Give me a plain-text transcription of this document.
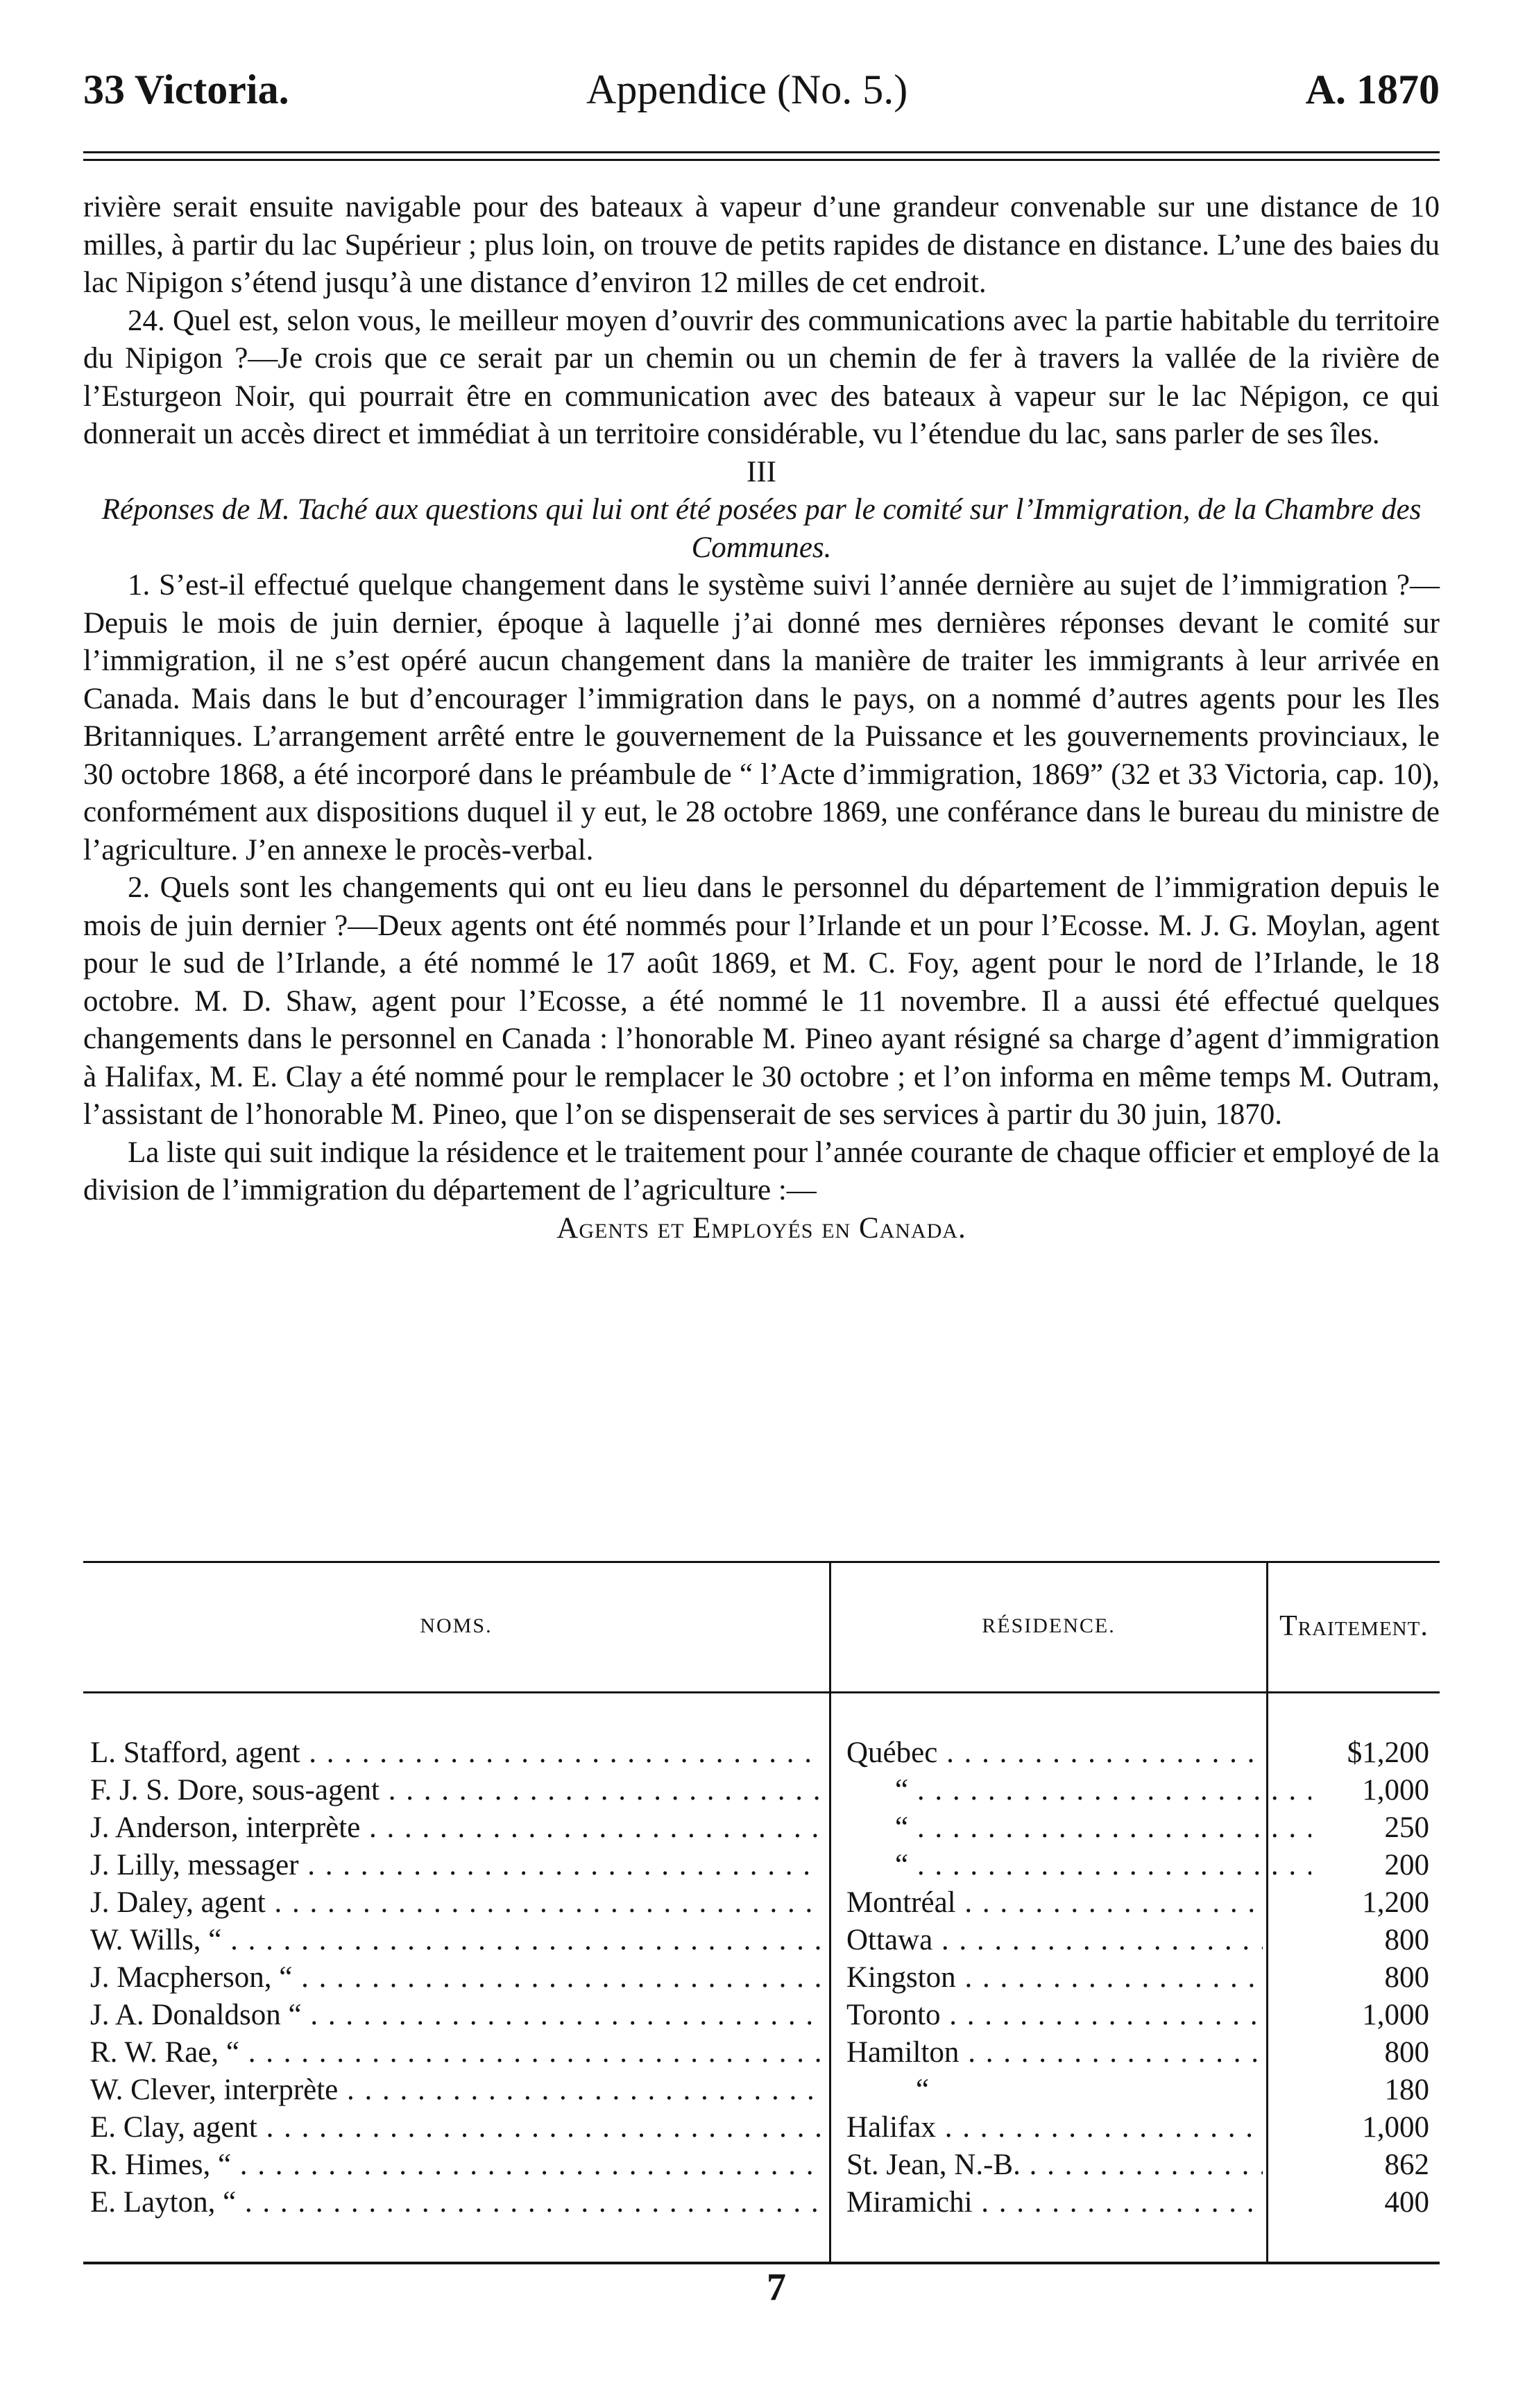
33 Victoria.	Appendice (No. 5.)	A. 1870

rivière serait ensuite navigable pour des bateaux à vapeur d’une grandeur convenable sur une distance de 10 milles, à partir du lac Supérieur ; plus loin, on trouve de petits rapides de distance en distance. L’une des baies du lac Nipigon s’étend jusqu’à une distance d’environ 12 milles de cet endroit.

24. Quel est, selon vous, le meilleur moyen d’ouvrir des communications avec la partie habitable du territoire du Nipigon ?—Je crois que ce serait par un chemin ou un chemin de fer à travers la vallée de la rivière de l’Esturgeon Noir, qui pourrait être en communication avec des bateaux à vapeur sur le lac Népigon, ce qui donnerait un accès direct et immédiat à un territoire considérable, vu l’étendue du lac, sans parler de ses îles.

III

Réponses de M. Taché aux questions qui lui ont été posées par le comité sur l’Immigration, de la Chambre des Communes.

1. S’est-il effectué quelque changement dans le système suivi l’année dernière au sujet de l’immigration ?—Depuis le mois de juin dernier, époque à laquelle j’ai donné mes dernières réponses devant le comité sur l’immigration, il ne s’est opéré aucun changement dans la manière de traiter les immigrants à leur arrivée en Canada. Mais dans le but d’encourager l’immigration dans le pays, on a nommé d’autres agents pour les Iles Britanniques. L’arrangement arrêté entre le gouvernement de la Puissance et les gouvernements provinciaux, le 30 octobre 1868, a été incorporé dans le préambule de “ l’Acte d’immigration, 1869” (32 et 33 Victoria, cap. 10), conformément aux dispositions duquel il y eut, le 28 octobre 1869, une conférance dans le bureau du ministre de l’agriculture. J’en annexe le procès-verbal.

2. Quels sont les changements qui ont eu lieu dans le personnel du département de l’immigration depuis le mois de juin dernier ?—Deux agents ont été nommés pour l’Irlande et un pour l’Ecosse. M. J. G. Moylan, agent pour le sud de l’Irlande, a été nommé le 17 août 1869, et M. C. Foy, agent pour le nord de l’Irlande, le 18 octobre. M. D. Shaw, agent pour l’Ecosse, a été nommé le 11 novembre. Il a aussi été effectué quelques changements dans le personnel en Canada : l’honorable M. Pineo ayant résigné sa charge d’agent d’immigration à Halifax, M. E. Clay a été nommé pour le remplacer le 30 octobre ; et l’on informa en même temps M. Outram, l’assistant de l’honorable M. Pineo, que l’on se dispenserait de ses services à partir du 30 juin, 1870.

La liste qui suit indique la résidence et le traitement pour l’année courante de chaque officier et employé de la division de l’immigration du département de l’agriculture :—

Agents et Employés en Canada.

NOMS.	RÉSIDENCE.	Traitement.
L. Stafford, agent . . .	Québec . . .	$1,200
F. J. S. Dore, sous-agent . . .	“ . . .	1,000
J. Anderson, interprète . . .	“ . . .	250
J. Lilly, messager . . .	“ . . .	200
J. Daley, agent . . .	Montréal . . .	1,200
W. Wills, “ . . .	Ottawa . . .	800
J. Macpherson, “ . . .	Kingston . . .	800
J. A. Donaldson “ . . .	Toronto . . .	1,000
R. W. Rae, “ . . .	Hamilton . . .	800
W. Clever, interprète . . .	“	180
E. Clay, agent . . .	Halifax . . .	1,000
R. Himes, “ . . .	St. Jean, N.-B. . . .	862
E. Layton, “ . . .	Miramichi . . .	400
7
